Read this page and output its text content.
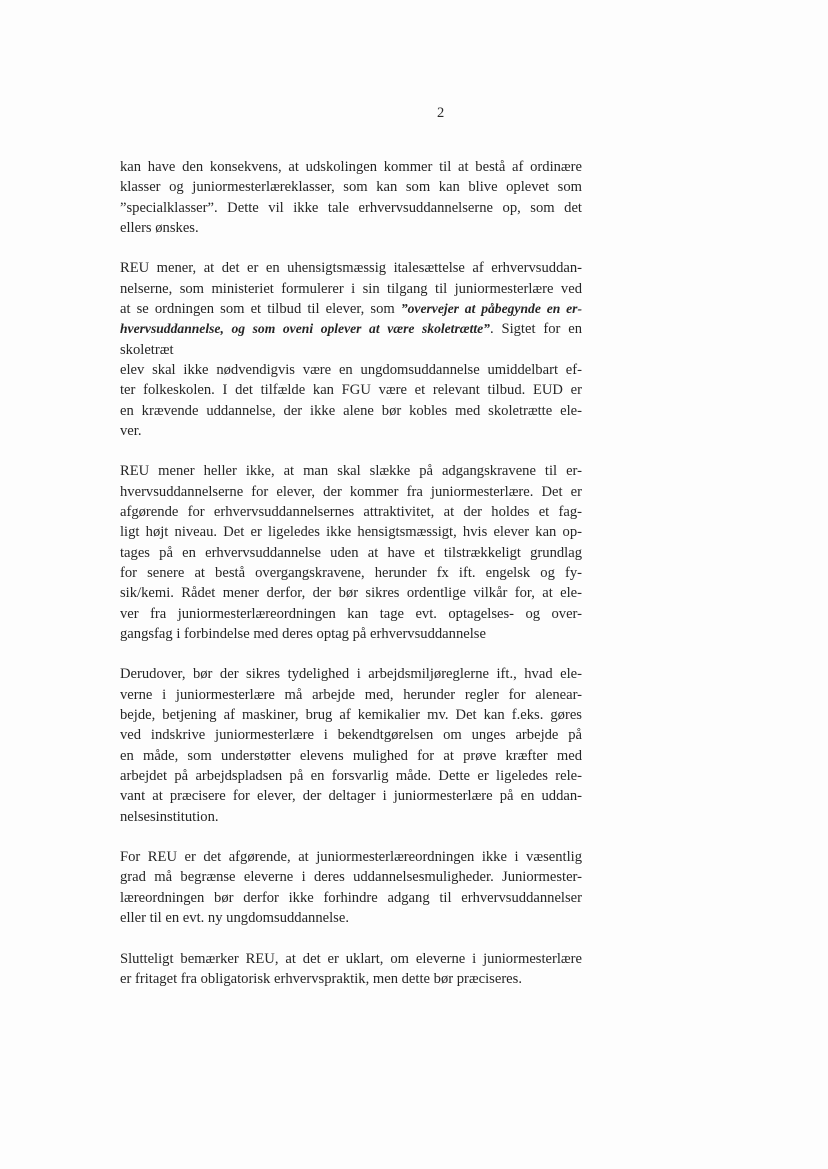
2

kan have den konsekvens, at udskolingen kommer til at bestå af ordinære
klasser og juniormesterlæreklasser, som kan som kan blive oplevet som
”specialklasser”. Dette vil ikke tale erhvervsuddannelserne op, som det
ellers ønskes.

REU mener, at det er en uhensigtsmæssig italesættelse af erhvervsuddan-
nelserne, som ministeriet formulerer i sin tilgang til juniormesterlære ved
at se ordningen som et tilbud til elever, som ”overvejer at påbegynde en er-
hvervsuddannelse, og som oveni oplever at være skoletrætte”. Sigtet for en skoletræt
elev skal ikke nødvendigvis være en ungdomsuddannelse umiddelbart ef-
ter folkeskolen. I det tilfælde kan FGU være et relevant tilbud. EUD er
en krævende uddannelse, der ikke alene bør kobles med skoletrætte ele-
ver.

REU mener heller ikke, at man skal slække på adgangskravene til er-
hvervsuddannelserne for elever, der kommer fra juniormesterlære. Det er
afgørende for erhvervsuddannelsernes attraktivitet, at der holdes et fag-
ligt højt niveau. Det er ligeledes ikke hensigtsmæssigt, hvis elever kan op-
tages på en erhvervsuddannelse uden at have et tilstrækkeligt grundlag
for senere at bestå overgangskravene, herunder fx ift. engelsk og fy-
sik/kemi. Rådet mener derfor, der bør sikres ordentlige vilkår for, at ele-
ver fra juniormesterlæreordningen kan tage evt. optagelses- og over-
gangsfag i forbindelse med deres optag på erhvervsuddannelse

Derudover, bør der sikres tydelighed i arbejdsmiljøreglerne ift., hvad ele-
verne i juniormesterlære må arbejde med, herunder regler for alenear-
bejde, betjening af maskiner, brug af kemikalier mv. Det kan f.eks. gøres
ved indskrive juniormesterlære i bekendtgørelsen om unges arbejde på
en måde, som understøtter elevens mulighed for at prøve kræfter med
arbejdet på arbejdspladsen på en forsvarlig måde. Dette er ligeledes rele-
vant at præcisere for elever, der deltager i juniormesterlære på en uddan-
nelsesinstitution.

For REU er det afgørende, at juniormesterlæreordningen ikke i væsentlig
grad må begrænse eleverne i deres uddannelsesmuligheder. Juniormester-
læreordningen bør derfor ikke forhindre adgang til erhvervsuddannelser
eller til en evt. ny ungdomsuddannelse.

Slutteligt bemærker REU, at det er uklart, om eleverne i juniormesterlære
er fritaget fra obligatorisk erhvervspraktik, men dette bør præciseres.
